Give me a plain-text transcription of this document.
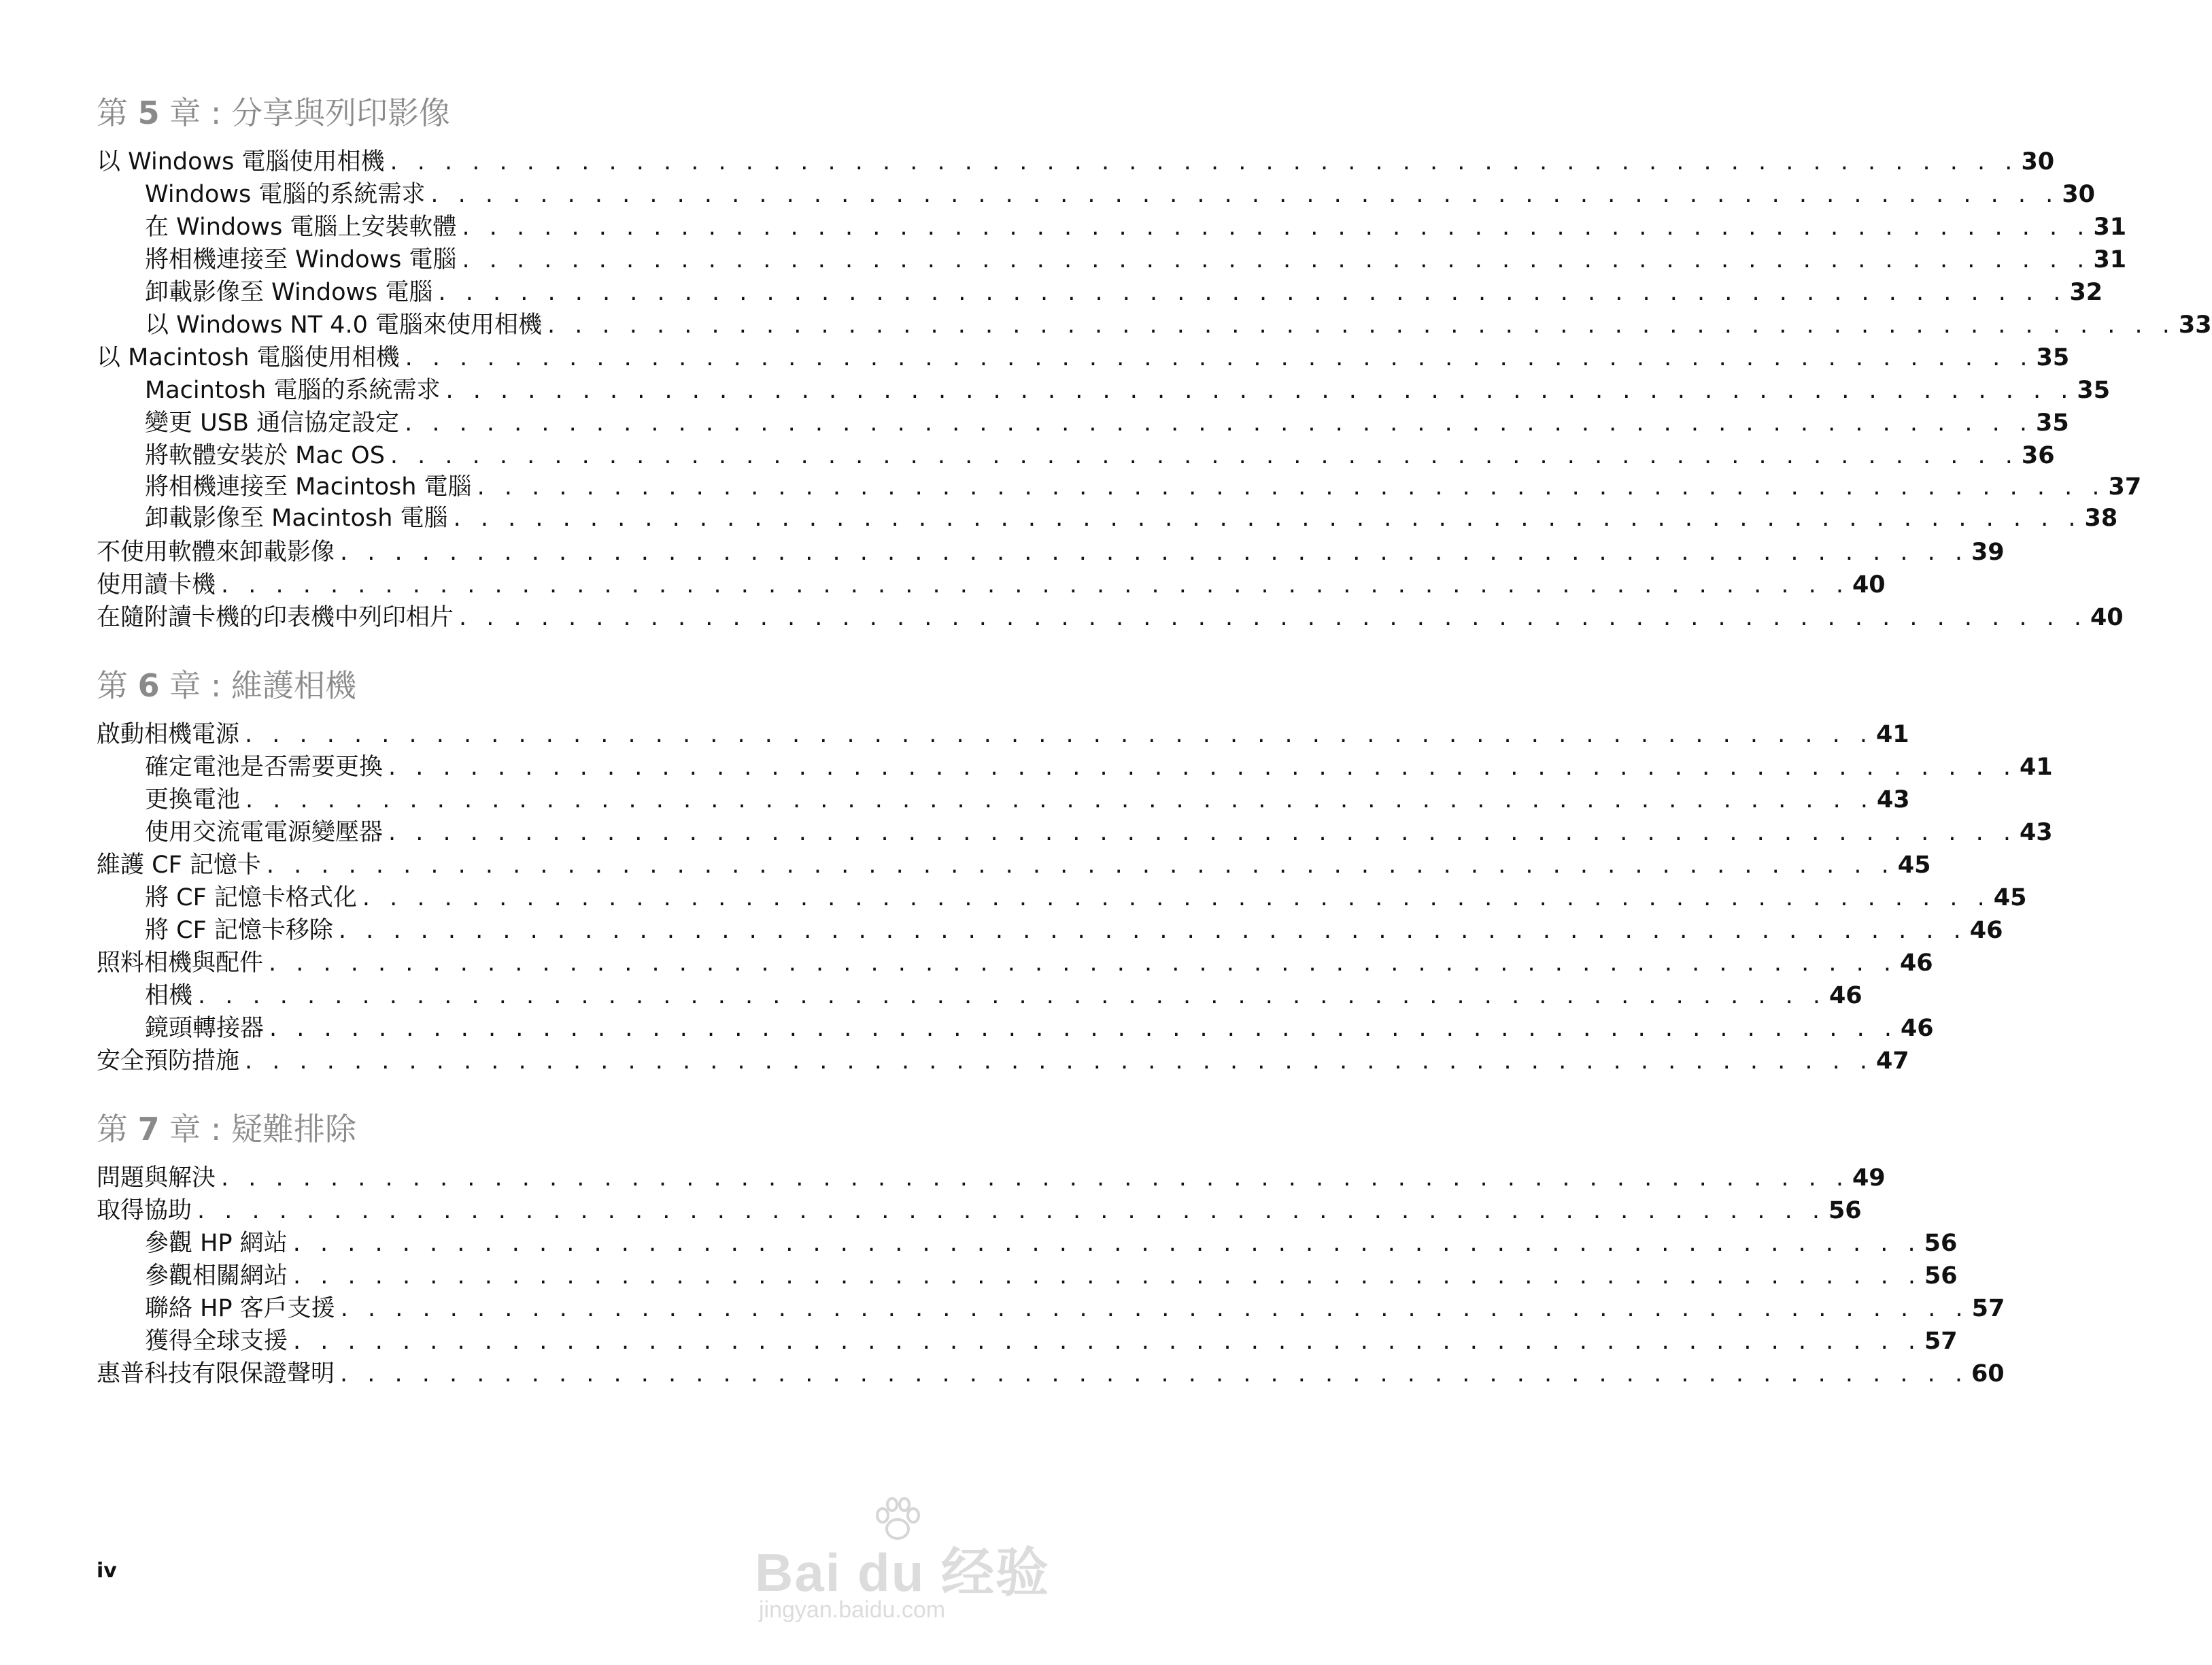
第 5 章 : 分享與列印影像
以 Windows 電腦使用相機 . . . . . . . . . . . . . . . . . . . . . . . . . . . . . . . . . . . . . . . . . . . . . . . . . . . . . . . . . . . . 30
Windows 電腦的系統需求 . . . . . . . . . . . . . . . . . . . . . . . . . . . . . . . . . . . . . . . . . . . . . . . . . . . . . . . . . . . . 30
在 Windows 電腦上安裝軟體 . . . . . . . . . . . . . . . . . . . . . . . . . . . . . . . . . . . . . . . . . . . . . . . . . . . . . . . . . . . . 31
將相機連接至 Windows 電腦 . . . . . . . . . . . . . . . . . . . . . . . . . . . . . . . . . . . . . . . . . . . . . . . . . . . . . . . . . . . . 31
卸載影像至 Windows 電腦 . . . . . . . . . . . . . . . . . . . . . . . . . . . . . . . . . . . . . . . . . . . . . . . . . . . . . . . . . . . . 32
以 Windows NT 4.0 電腦來使用相機 . . . . . . . . . . . . . . . . . . . . . . . . . . . . . . . . . . . . . . . . . . . . . . . . . . . . . . . . . . . . 33
以 Macintosh 電腦使用相機 . . . . . . . . . . . . . . . . . . . . . . . . . . . . . . . . . . . . . . . . . . . . . . . . . . . . . . . . . . . . 35
Macintosh 電腦的系統需求 . . . . . . . . . . . . . . . . . . . . . . . . . . . . . . . . . . . . . . . . . . . . . . . . . . . . . . . . . . . . 35
變更 USB 通信協定設定 . . . . . . . . . . . . . . . . . . . . . . . . . . . . . . . . . . . . . . . . . . . . . . . . . . . . . . . . . . . . 35
將軟體安裝於 Mac OS . . . . . . . . . . . . . . . . . . . . . . . . . . . . . . . . . . . . . . . . . . . . . . . . . . . . . . . . . . . . 36
將相機連接至 Macintosh 電腦 . . . . . . . . . . . . . . . . . . . . . . . . . . . . . . . . . . . . . . . . . . . . . . . . . . . . . . . . . . . . 37
卸載影像至 Macintosh 電腦 . . . . . . . . . . . . . . . . . . . . . . . . . . . . . . . . . . . . . . . . . . . . . . . . . . . . . . . . . . . . 38
不使用軟體來卸載影像 . . . . . . . . . . . . . . . . . . . . . . . . . . . . . . . . . . . . . . . . . . . . . . . . . . . . . . . . . . . . 39
使用讀卡機 . . . . . . . . . . . . . . . . . . . . . . . . . . . . . . . . . . . . . . . . . . . . . . . . . . . . . . . . . . . . 40
在隨附讀卡機的印表機中列印相片 . . . . . . . . . . . . . . . . . . . . . . . . . . . . . . . . . . . . . . . . . . . . . . . . . . . . . . . . . . . . 40
第 6 章 : 維護相機
啟動相機電源 . . . . . . . . . . . . . . . . . . . . . . . . . . . . . . . . . . . . . . . . . . . . . . . . . . . . . . . . . . . . 41
確定電池是否需要更換 . . . . . . . . . . . . . . . . . . . . . . . . . . . . . . . . . . . . . . . . . . . . . . . . . . . . . . . . . . . . 41
更換電池 . . . . . . . . . . . . . . . . . . . . . . . . . . . . . . . . . . . . . . . . . . . . . . . . . . . . . . . . . . . . 43
使用交流電電源變壓器 . . . . . . . . . . . . . . . . . . . . . . . . . . . . . . . . . . . . . . . . . . . . . . . . . . . . . . . . . . . . 43
維護 CF 記憶卡 . . . . . . . . . . . . . . . . . . . . . . . . . . . . . . . . . . . . . . . . . . . . . . . . . . . . . . . . . . . . 45
將 CF 記憶卡格式化 . . . . . . . . . . . . . . . . . . . . . . . . . . . . . . . . . . . . . . . . . . . . . . . . . . . . . . . . . . . . 45
將 CF 記憶卡移除 . . . . . . . . . . . . . . . . . . . . . . . . . . . . . . . . . . . . . . . . . . . . . . . . . . . . . . . . . . . . 46
照料相機與配件 . . . . . . . . . . . . . . . . . . . . . . . . . . . . . . . . . . . . . . . . . . . . . . . . . . . . . . . . . . . . 46
相機 . . . . . . . . . . . . . . . . . . . . . . . . . . . . . . . . . . . . . . . . . . . . . . . . . . . . . . . . . . . . 46
鏡頭轉接器 . . . . . . . . . . . . . . . . . . . . . . . . . . . . . . . . . . . . . . . . . . . . . . . . . . . . . . . . . . . . 46
安全預防措施 . . . . . . . . . . . . . . . . . . . . . . . . . . . . . . . . . . . . . . . . . . . . . . . . . . . . . . . . . . . . 47
第 7 章 : 疑難排除
問題與解決 . . . . . . . . . . . . . . . . . . . . . . . . . . . . . . . . . . . . . . . . . . . . . . . . . . . . . . . . . . . . 49
取得協助 . . . . . . . . . . . . . . . . . . . . . . . . . . . . . . . . . . . . . . . . . . . . . . . . . . . . . . . . . . . . 56
參觀 HP 網站 . . . . . . . . . . . . . . . . . . . . . . . . . . . . . . . . . . . . . . . . . . . . . . . . . . . . . . . . . . . . 56
參觀相關網站 . . . . . . . . . . . . . . . . . . . . . . . . . . . . . . . . . . . . . . . . . . . . . . . . . . . . . . . . . . . . 56
聯絡 HP 客戶支援 . . . . . . . . . . . . . . . . . . . . . . . . . . . . . . . . . . . . . . . . . . . . . . . . . . . . . . . . . . . . 57
獲得全球支援 . . . . . . . . . . . . . . . . . . . . . . . . . . . . . . . . . . . . . . . . . . . . . . . . . . . . . . . . . . . . 57
惠普科技有限保證聲明 . . . . . . . . . . . . . . . . . . . . . . . . . . . . . . . . . . . . . . . . . . . . . . . . . . . . . . . . . . . . 60
iv	Bai du 经验
jingyan.baidu.com
